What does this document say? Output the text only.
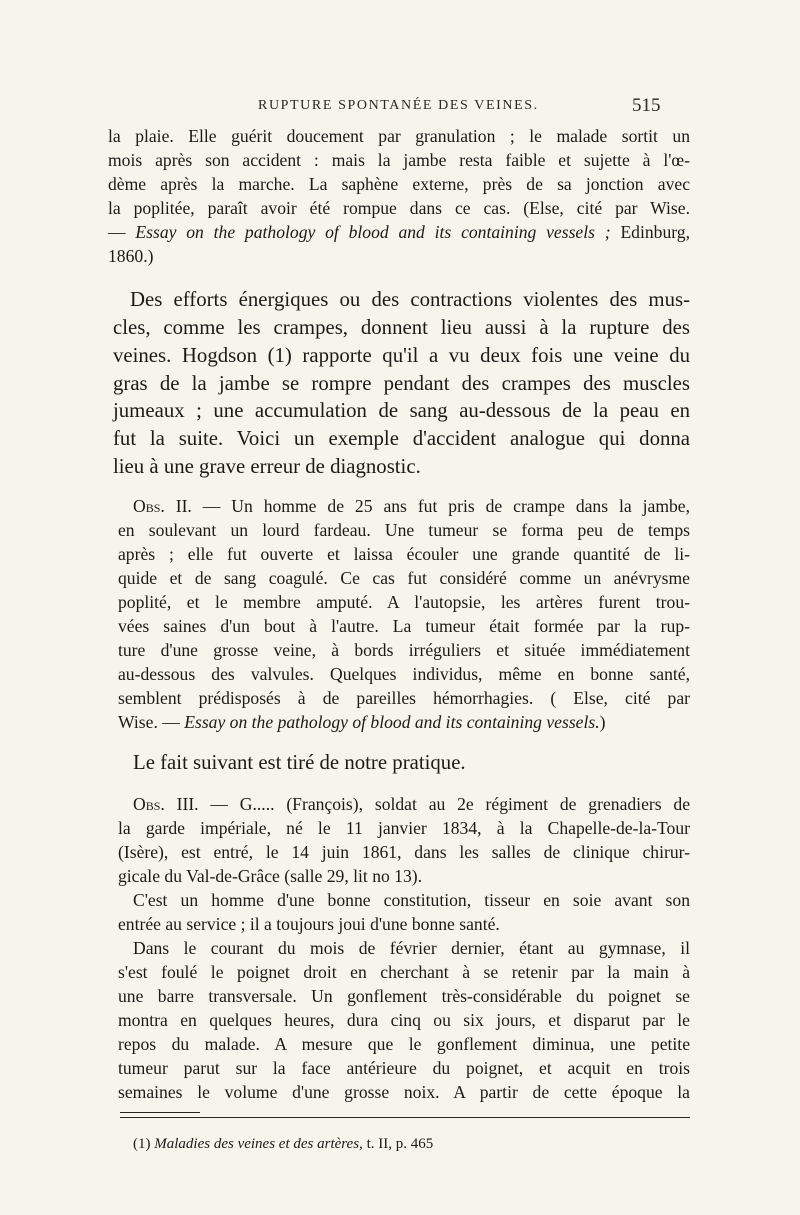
RUPTURE SPONTANÉE DES VEINES.	515
la plaie. Elle guérit doucement par granulation ; le malade sortit un
mois après son accident : mais la jambe resta faible et sujette à l'œ-
dème après la marche. La saphène externe, près de sa jonction avec
la poplitée, paraît avoir été rompue dans ce cas. (Else, cité par Wise.
— Essay on the pathology of blood and its containing vessels ; Edinburg,
1860.)
Des efforts énergiques ou des contractions violentes des mus-
cles, comme les crampes, donnent lieu aussi à la rupture des
veines. Hogdson (1) rapporte qu'il a vu deux fois une veine du
gras de la jambe se rompre pendant des crampes des muscles
jumeaux ; une accumulation de sang au-dessous de la peau en
fut la suite. Voici un exemple d'accident analogue qui donna
lieu à une grave erreur de diagnostic.
Obs. II. — Un homme de 25 ans fut pris de crampe dans la jambe,
en soulevant un lourd fardeau. Une tumeur se forma peu de temps
après ; elle fut ouverte et laissa écouler une grande quantité de li-
quide et de sang coagulé. Ce cas fut considéré comme un anévrysme
poplité, et le membre amputé. A l'autopsie, les artères furent trou-
vées saines d'un bout à l'autre. La tumeur était formée par la rup-
ture d'une grosse veine, à bords irréguliers et située immédiatement
au-dessous des valvules. Quelques individus, même en bonne santé,
semblent prédisposés à de pareilles hémorrhagies. ( Else, cité par
Wise. — Essay on the pathology of blood and its containing vessels.)
Le fait suivant est tiré de notre pratique.
Obs. III. — G..... (François), soldat au 2e régiment de grenadiers de
la garde impériale, né le 11 janvier 1834, à la Chapelle-de-la-Tour
(Isère), est entré, le 14 juin 1861, dans les salles de clinique chirur-
gicale du Val-de-Grâce (salle 29, lit no 13).
C'est un homme d'une bonne constitution, tisseur en soie avant son
entrée au service ; il a toujours joui d'une bonne santé.
Dans le courant du mois de février dernier, étant au gymnase, il
s'est foulé le poignet droit en cherchant à se retenir par la main à
une barre transversale. Un gonflement très-considérable du poignet se
montra en quelques heures, dura cinq ou six jours, et disparut par le
repos du malade. A mesure que le gonflement diminua, une petite
tumeur parut sur la face antérieure du poignet, et acquit en trois
semaines le volume d'une grosse noix. A partir de cette époque la
(1) Maladies des veines et des artères, t. II, p. 465
